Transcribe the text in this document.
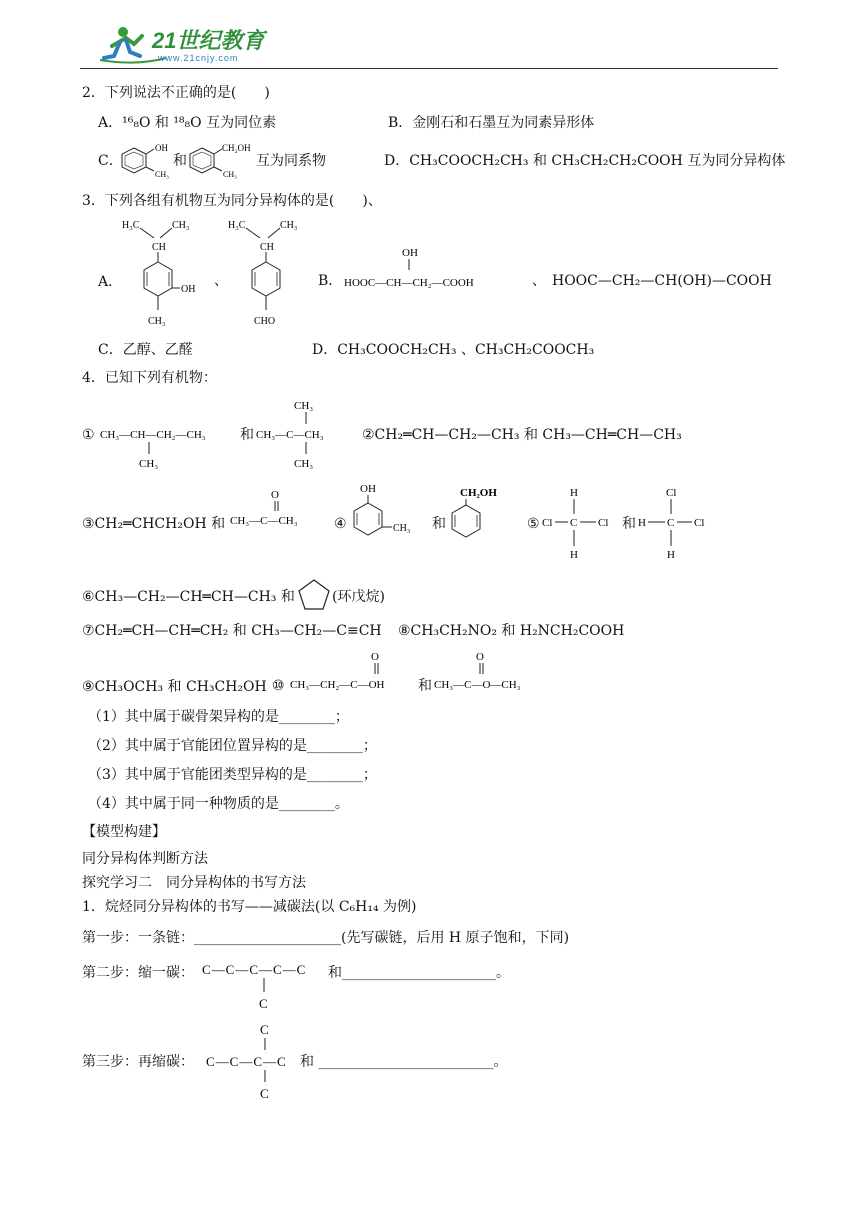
21世纪教育
www.21cnjy.com
2．下列说法不正确的是(　　)
A．¹⁶₈O 和 ¹⁸₈O 互为同位素	B．金刚石和石墨互为同素异形体
C．
OH
CH₃
和
CH₂OH
CH₃
互为同系物	D．CH₃COOCH₂CH₃ 和 CH₃CH₂CH₂COOH 互为同分异构体
3．下列各组有机物互为同分异构体的是(　　)、
A．
H₃C	CH₃
CH
OH
CH₃
、
H₃C	CH₃
CH
CHO
B．
OH
HOOC—CH—CH₂—COOH	、 HOOC—CH₂—CH(OH)—COOH
C．乙醇、乙醛	D．CH₃COOCH₂CH₃ 、CH₃CH₂COOCH₃
4．已知下列有机物：
① CH₃—CH—CH₂—CH₃
CH₃
和
CH₃
CH₃—C—CH₃
CH₃
②CH₂═CH—CH₂—CH₃ 和 CH₃—CH═CH—CH₃
③CH₂═CHCH₂OH 和
O
CH₃—C—CH₃	④
OH
CH₃ 和
CH₂OH
⑤
H
Cl C Cl
H
和
Cl
H C Cl
H
⑥CH₃—CH₂—CH═CH—CH₃ 和	(环戊烷)
⑦CH₂═CH—CH═CH₂ 和 CH₃—CH₂—C≡CH ⑧CH₃CH₂NO₂ 和 H₂NCH₂COOH
⑨CH₃OCH₃ 和 CH₃CH₂OH ⑩
O
CH₃—CH₂—C—OH 和
O
CH₃—C—O—CH₃
（1）其中属于碳骨架异构的是________；
（2）其中属于官能团位置异构的是________；
（3）其中属于官能团类型异构的是________；
（4）其中属于同一种物质的是________。
【模型构建】
同分异构体判断方法
探究学习二　同分异构体的书写方法
1．烷烃同分异构体的书写——减碳法(以 C₆H₁₄ 为例)
第一步：一条链：_____________________(先写碳链，后用 H 原子饱和，下同)
第二步：缩一碳： C—C—C—C—C
C
和______________________。
第三步：再缩碳：
C
C—C—C—C
C
和 _________________________。
